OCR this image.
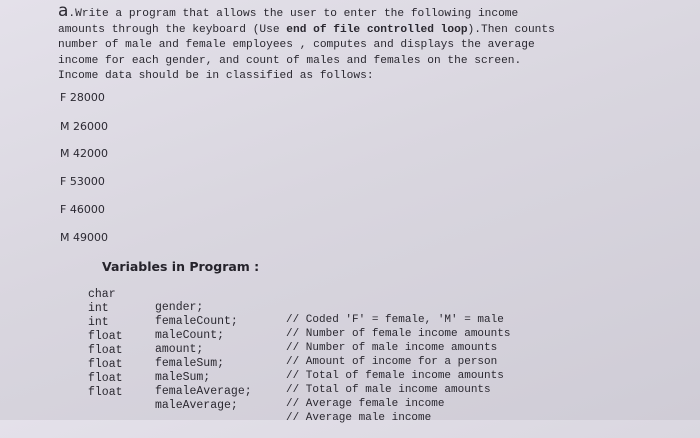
a.Write a program that allows the user to enter the following income
amounts through the keyboard (Use end of file controlled loop).Then counts
number of male and female employees , computes and displays the average
income for each gender, and count of males and females on the screen.
Income data should be in classified as follows:
F 28000
M 26000
M 42000
F 53000
F 46000
M 49000
Variables in Program :

char

gender;

// Coded 'F' = female, 'M' = male

int

femaleCount;

// Number of female income amounts

int

maleCount;

// Number of male income amounts

float

amount;

// Amount of income for a person

float

femaleSum;

// Total of female income amounts

float

maleSum;

// Total of male income amounts

float

femaleAverage;

// Average female income

float

maleAverage;

// Average male income
